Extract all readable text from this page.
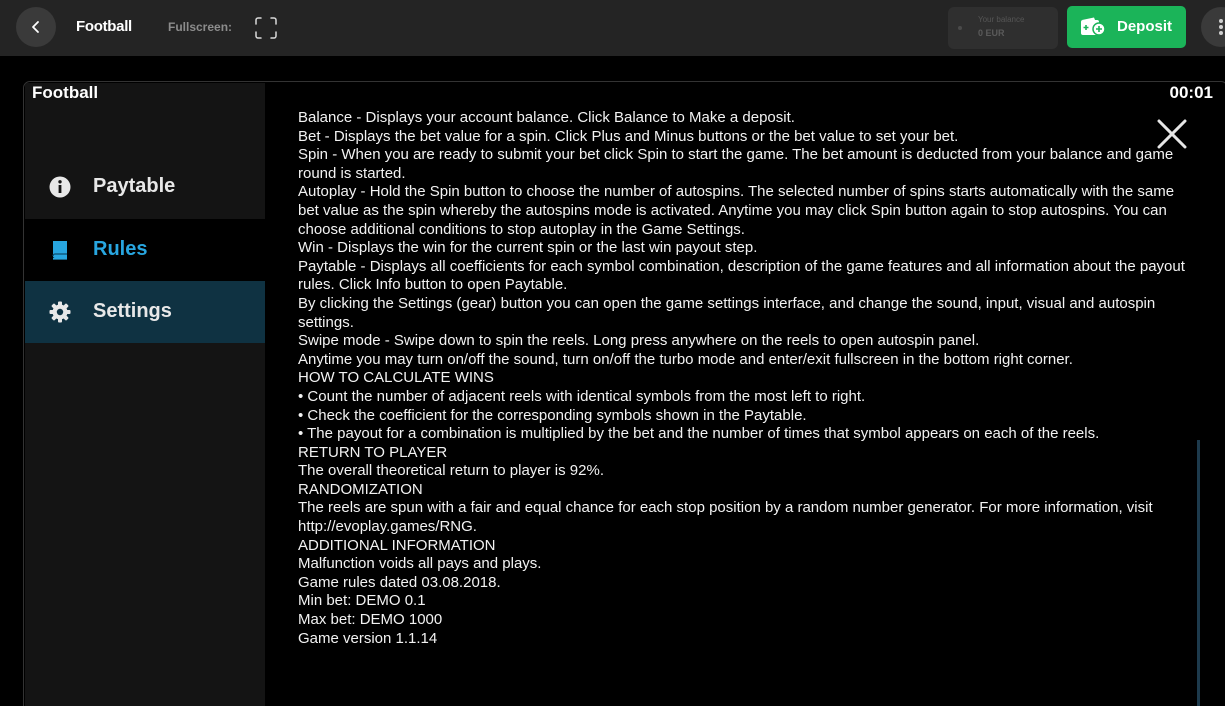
Football	Fullscreen:
Your balance
0 EUR	Deposit
Paytable
Rules
Settings
Football	00:01

Balance - Displays your account balance. Click Balance to Make a deposit.

Bet - Displays the bet value for a spin. Click Plus and Minus buttons or the bet value to set your bet.

Spin - When you are ready to submit your bet click Spin to start the game. The bet amount is deducted from your balance and game round is started.

Autoplay - Hold the Spin button to choose the number of autospins. The selected number of spins starts automatically with the same bet value as the spin whereby the autospins mode is activated. Anytime you may click Spin button again to stop autospins. You can choose additional conditions to stop autoplay in the Game Settings.

Win - Displays the win for the current spin or the last win payout step.

Paytable - Displays all coefficients for each symbol combination, description of the game features and all information about the payout rules. Click Info button to open Paytable.

By clicking the Settings (gear) button you can open the game settings interface, and change the sound, input, visual and autospin settings.

Swipe mode - Swipe down to spin the reels. Long press anywhere on the reels to open autospin panel.

Anytime you may turn on/off the sound, turn on/off the turbo mode and enter/exit fullscreen in the bottom right corner.

HOW TO CALCULATE WINS

• Count the number of adjacent reels with identical symbols from the most left to right.

• Check the coefficient for the corresponding symbols shown in the Paytable.

• The payout for a combination is multiplied by the bet and the number of times that symbol appears on each of the reels.

RETURN TO PLAYER

The overall theoretical return to player is 92%.

RANDOMIZATION

The reels are spun with a fair and equal chance for each stop position by a random number generator. For more information, visit http://evoplay.games/RNG.

ADDITIONAL INFORMATION

Malfunction voids all pays and plays.

Game rules dated 03.08.2018.

Min bet: DEMO 0.1

Max bet: DEMO 1000

Game version 1.1.14
